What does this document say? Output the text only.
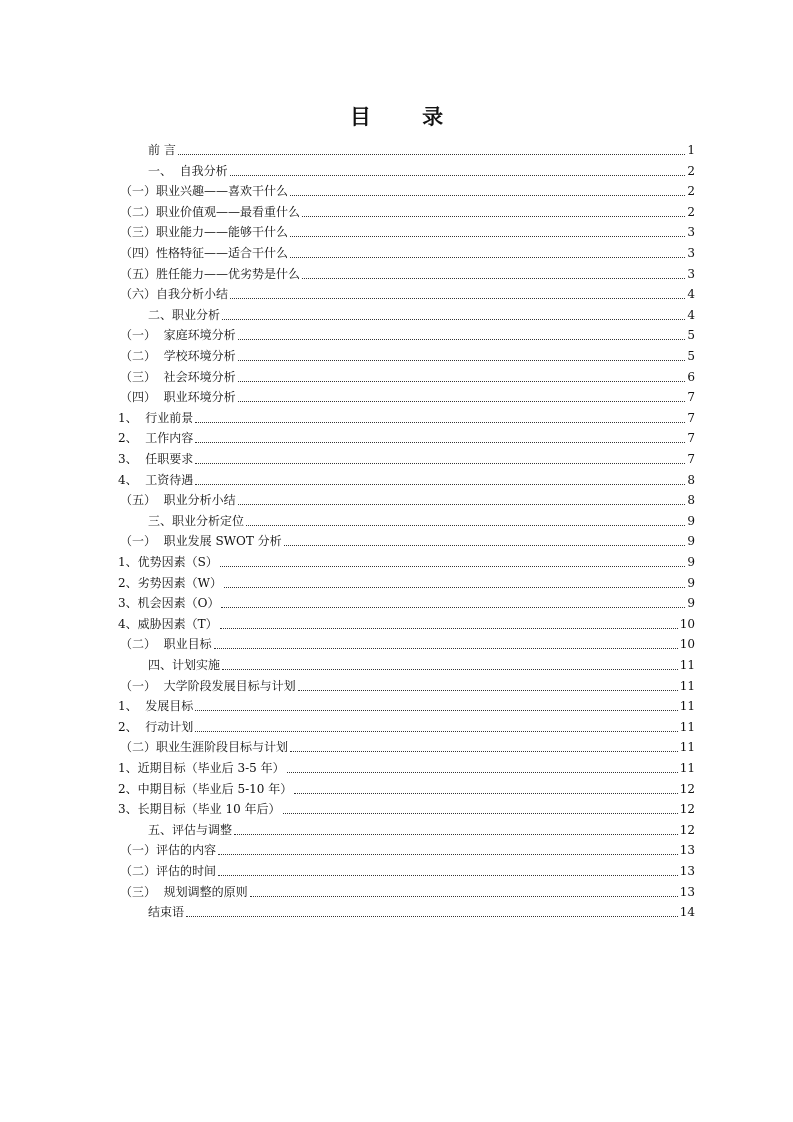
目 录
前 言	1
一、  自我分析	2
（一）职业兴趣——喜欢干什么	2
（二）职业价值观——最看重什么	2
（三）职业能力——能够干什么	3
（四）性格特征——适合干什么	3
（五）胜任能力——优劣势是什么	3
（六）自我分析小结	4
二、职业分析	4
（一）  家庭环境分析	5
（二）  学校环境分析	5
（三）  社会环境分析	6
（四）  职业环境分析	7
1、  行业前景	7
2、  工作内容	7
3、  任职要求	7
4、  工资待遇	8
（五）  职业分析小结	8
三、职业分析定位	9
（一）  职业发展 SWOT 分析	9
1、优势因素（S）	9
2、劣势因素（W）	9
3、机会因素（O）	9
4、威胁因素（T）	10
（二）  职业目标	10
四、计划实施	11
（一）  大学阶段发展目标与计划	11
1、  发展目标	11
2、  行动计划	11
（二）职业生涯阶段目标与计划	11
1、近期目标（毕业后 3-5 年）	11
2、中期目标（毕业后 5-10 年）	12
3、长期目标（毕业 10 年后）	12
五、评估与调整	12
（一）评估的内容	13
（二）评估的时间	13
（三）  规划调整的原则	13
结束语	14
